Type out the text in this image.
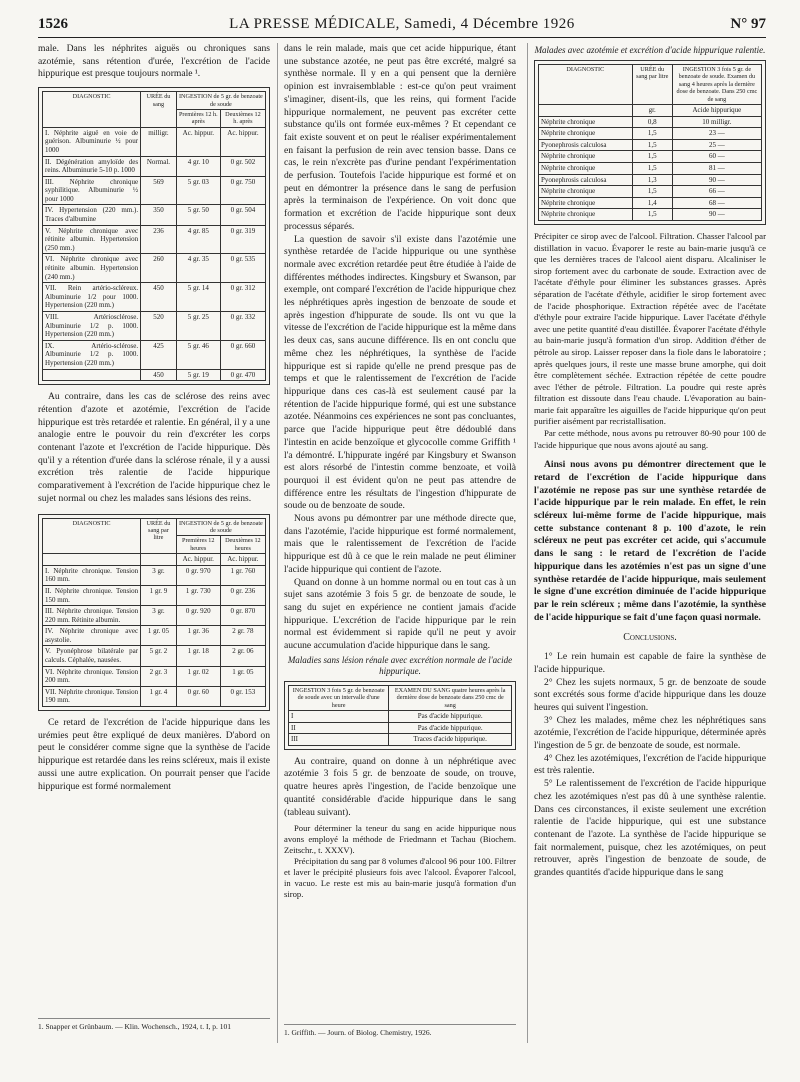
1526	LA PRESSE MÉDICALE, Samedi, 4 Décembre 1926	N° 97

male. Dans les néphrites aiguës ou chroniques sans azotémie, sans rétention d'urée, l'excrétion de l'acide hippurique est presque toujours normale ¹.

DIAGNOSTIC	URÉE du sang	INGESTION de 5 gr. de benzoate de soude	
		Premières 12 h. après	Deuxièmes 12 h. après
I. Néphrite aiguë en voie de guérison. Albuminurie ½ pour 1000	milligr.	Ac. hippur.	Ac. hippur.
II. Dégénération amyloïde des reins. Albuminurie 5-10 p. 1000	Normal.	4 gr. 10	0 gr. 502
III. Néphrite chronique syphilitique. Albuminurie ½ pour 1000	569	5 gr. 03	0 gr. 750
IV. Hypertension (220 mm.). Traces d'albumine	350	5 gr. 50	0 gr. 504
V. Néphrite chronique avec rétinite albumin. Hypertension (250 mm.)	236	4 gr. 85	0 gr. 319
VI. Néphrite chronique avec rétinite albumin. Hypertension (240 mm.)	260	4 gr. 35	0 gr. 535
VII. Rein artério-scléreux. Albuminurie 1/2 pour 1000. Hypertension (220 mm.)	450	5 gr. 14	0 gr. 312
VIII. Artériosclérose. Albuminurie 1/2 p. 1000. Hypertension (220 mm.)	520	5 gr. 25	0 gr. 332
IX. Artério-sclérose. Albuminurie 1/2 p. 1000. Hypertension (220 mm.)	425	5 gr. 46	0 gr. 660
	450	5 gr. 19	0 gr. 470

Au contraire, dans les cas de sclérose des reins avec rétention d'azote et azotémie, l'excrétion de l'acide hippurique est très retardée et ralentie. En général, il y a une analogie entre le pouvoir du rein d'excréter les corps contenant l'azote et l'excrétion de l'acide hippurique. Dès qu'il y a rétention d'urée dans la sclérose rénale, il y a aussi excrétion très ralentie de l'acide hippurique comparativement à l'excrétion de l'acide hippurique chez le sujet normal ou chez les malades sans lésions des reins.

DIAGNOSTIC	URÉE du sang par litre	INGESTION de 5 gr. de benzoate de soude	
		Premières 12 heures	Deuxièmes 12 heures
		Ac. hippur.	Ac. hippur.
I. Néphrite chronique. Tension 160 mm.	3 gr.	0 gr. 970	1 gr. 760
II. Néphrite chronique. Tension 150 mm.	1 gr. 9	1 gr. 730	0 gr. 236
III. Néphrite chronique. Tension 220 mm. Rétinite albumin.	3 gr.	0 gr. 920	0 gr. 870
IV. Néphrite chronique avec asystolie.	1 gr. 05	1 gr. 36	2 gr. 78
V. Pyonéphrose bilatérale par calculs. Céphalée, nausées.	5 gr. 2	1 gr. 18	2 gr. 06
VI. Néphrite chronique. Tension 200 mm.	2 gr. 3	1 gr. 02	1 gr. 05
VII. Néphrite chronique. Tension 190 mm.	1 gr. 4	0 gr. 60	0 gr. 153

Ce retard de l'excrétion de l'acide hippurique dans les urémies peut être expliqué de deux manières. D'abord on peut le considérer comme signe que la synthèse de l'acide hippurique est retardée dans les reins scléreux, mais il existe aussi une autre explication. On pourrait penser que l'acide hippurique est formé normalement

1. Snapper et Grünbaum. — Klin. Wochensch., 1924, t. I, p. 101

dans le rein malade, mais que cet acide hippurique, étant une substance azotée, ne peut pas être excrété, malgré sa synthèse normale. Il y en a qui pensent que la dernière opinion est invraisemblable : est-ce qu'on peut vraiment s'imaginer, disent-ils, que les reins, qui forment l'acide hippurique normalement, ne peuvent pas excréter cette substance qu'ils ont formée eux-mêmes ? Et cependant ce fait existe souvent et on peut le réaliser expérimentalement en faisant la perfusion de rein avec tension basse. Dans ce cas, le rein n'excrète pas d'urine pendant l'expérimentation de perfusion. Toutefois l'acide hippurique est formé et on peut en démontrer la présence dans le sang de perfusion après la terminaison de l'expérience. On voit donc que formation et excrétion de l'acide hippurique sont deux processus séparés.

La question de savoir s'il existe dans l'azotémie une synthèse retardée de l'acide hippurique ou une synthèse normale avec excrétion retardée peut être étudiée à l'aide de différentes méthodes indirectes. Kingsbury et Swanson, par exemple, ont comparé l'excrétion de l'acide hippurique chez les néphrétiques après ingestion de benzoate de soude et après ingestion d'hippurate de soude. Ils ont vu que la vitesse de l'excrétion de l'acide hippurique est la même dans les deux cas, sans aucune différence. Ils en ont conclu que même chez les néphrétiques, la synthèse de l'acide hippurique est si rapide qu'elle ne prend presque pas de temps et que le ralentissement de l'excrétion de l'acide hippurique dans ces cas-là est seulement causé par la rétention de l'acide hippurique formé, qui est une substance azotée. Néanmoins ces expériences ne sont pas concluantes, parce que l'acide hippurique peut être dédoublé dans l'intestin en acide benzoïque et glycocolle comme Griffith ¹ l'a démontré. L'hippurate ingéré par Kingsbury et Swanson est alors résorbé de l'intestin comme benzoate, et voilà pourquoi il est évident qu'on ne peut pas attendre de différence entre les résultats de l'ingestion d'hippurate de soude ou de benzoate de soude.

Nous avons pu démontrer par une méthode directe que, dans l'azotémie, l'acide hippurique est formé normalement, mais que le ralentissement de l'excrétion de l'acide hippurique est dû à ce que le rein malade ne peut éliminer l'acide hippurique qui contient de l'azote.

Quand on donne à un homme normal ou en tout cas à un sujet sans azotémie 3 fois 5 gr. de benzoate de soude, le sang du sujet en expérience ne contient jamais d'acide hippurique. L'excrétion de l'acide hippurique par le rein normal est évidemment si rapide qu'il ne peut y avoir aucune accumulation d'acide hippurique dans le sang.

Maladies sans lésion rénale avec excrétion normale de l'acide hippurique.
INGESTION 3 fois 5 gr. de benzoate de soude avec un intervalle d'une heure	EXAMEN DU SANG quatre heures après la dernière dose de benzoate dans 250 cmc de sang
I	Pas d'acide hippurique.
II	Pas d'acide hippurique.
III	Traces d'acide hippurique.

Au contraire, quand on donne à un néphrétique avec azotémie 3 fois 5 gr. de benzoate de soude, on trouve, quatre heures après l'ingestion, de l'acide benzoïque une quantité considérable d'acide hippurique dans le sang (tableau suivant).

Pour déterminer la teneur du sang en acide hippurique nous avons employé la méthode de Friedmann et Tachau (Biochem. Zeitschr., t. XXXV).

Précipitation du sang par 8 volumes d'alcool 96 pour 100. Filtrer et laver le précipité plusieurs fois avec l'alcool. Évaporer l'alcool, in vacuo. Le reste est mis au bain-marie jusqu'à formation d'un sirop.

1. Griffith. — Journ. of Biolog. Chemistry, 1926.
Malades avec azotémie et excrétion d'acide hippurique ralentie.
DIAGNOSTIC	URÉE du sang par litre	INGESTION 3 fois 5 gr. de benzoate de soude. Examen du sang 4 heures après la dernière dose de benzoate. Dans 250 cmc de sang
	gr.	Acide hippurique
Néphrite chronique	0,8	10 milligr.
Néphrite chronique	1,5	23 —
Pyonephrosis calculosa	1,5	25 —
Néphrite chronique	1,5	60 —
Néphrite chronique	1,5	81 —
Pyonephrosis calculosa	1,3	90 —
Néphrite chronique	1,5	66 —
Néphrite chronique	1,4	68 —
Néphrite chronique	1,5	90 —

Précipiter ce sirop avec de l'alcool. Filtration. Chasser l'alcool par distillation in vacuo. Évaporer le reste au bain-marie jusqu'à ce que les dernières traces de l'alcool aient disparu. Alcaliniser le sirop fortement avec du carbonate de soude. Extraction avec de l'acétate d'éthyle pour éliminer les substances grasses. Après séparation de l'acétate d'éthyle, acidifier le sirop fortement avec de l'acide phosphorique. Extraction répétée avec de l'acétate d'éthyle pour extraire l'acide hippurique. Laver l'acétate d'éthyle avec une petite quantité d'eau distillée. Évaporer l'acétate d'éthyle au bain-marie jusqu'à formation d'un sirop. Addition d'éther de pétrole au sirop. Laisser reposer dans la fiole dans le laboratoire ; après quelques jours, il reste une masse brune amorphe, qui doit être complètement séchée. Extraction répétée de cette poudre avec l'éther de pétrole. Filtration. La poudre qui reste après filtration est dissoute dans l'eau chaude. L'évaporation au bain-marie fait apparaître les aiguilles de l'acide hippurique qu'on peut purifier aisément par recristallisation.

Par cette méthode, nous avons pu retrouver 80-90 pour 100 de l'acide hippurique que nous avons ajouté au sang.

Ainsi nous avons pu démontrer directement que le retard de l'excrétion de l'acide hippurique dans l'azotémie ne repose pas sur une synthèse retardée de l'acide hippurique par le rein malade. En effet, le rein scléreux lui-même forme de l'acide hippurique, mais cette substance contenant 8 p. 100 d'azote, le rein scléreux ne peut pas excréter cet acide, qui s'accumule dans le sang : le retard de l'excrétion de l'acide hippurique dans les azotémies n'est pas un signe d'une synthèse retardée de l'acide hippurique, mais seulement le signe d'une excrétion diminuée de l'acide hippurique par le rein scléreux ; même dans l'azotémie, la synthèse de l'acide hippurique se fait d'une façon quasi normale.

Conclusions.

1° Le rein humain est capable de faire la synthèse de l'acide hippurique.

2° Chez les sujets normaux, 5 gr. de benzoate de soude sont excrétés sous forme d'acide hippurique dans les douze heures qui suivent l'ingestion.

3° Chez les malades, même chez les néphrétiques sans azotémie, l'excrétion de l'acide hippurique, déterminée après l'ingestion de 5 gr. de benzoate de soude, est normale.

4° Chez les azotémiques, l'excrétion de l'acide hippurique est très ralentie.

5° Le ralentissement de l'excrétion de l'acide hippurique chez les azotémiques n'est pas dû à une synthèse ralentie. Dans ces circonstances, il existe seulement une excrétion ralentie de l'acide hippurique, qui est une substance contenant de l'azote. La synthèse de l'acide hippurique se fait normalement, puisque, chez les azotémiques, on peut retrouver, après l'ingestion de benzoate de soude, de grandes quantités d'acide hippurique dans le sang
